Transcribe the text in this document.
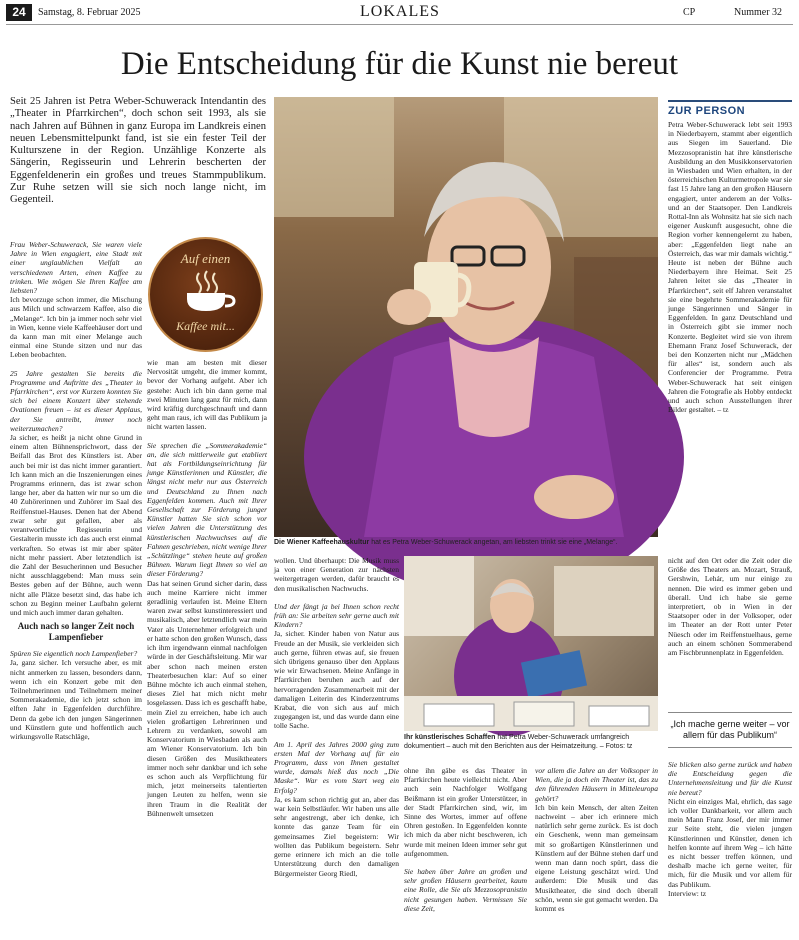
24	Samstag, 8. Februar 2025	LOKALES	CP	Nummer 32
Die Entscheidung für die Kunst nie bereut
Seit 25 Jahren ist Petra Weber-Schuwerack Intendantin des „Theater in Pfarrkirchen“, doch schon seit 1993, als sie nach Jahren auf Bühnen in ganz Europa im Landkreis einen neuen Lebensmittelpunkt fand, ist sie ein fester Teil der Kulturszene in der Region. Unzählige Konzerte als Sängerin, Regisseurin und Lehrerin bescherten der Eggenfeldenerin ein großes und treues Stammpublikum. Zur Ruhe setzen will sie sich noch lange nicht, im Gegenteil.
Auf einen
Kaffee mit...

Frau Weber-Schuwerack, Sie waren viele Jahre in Wien engagiert, eine Stadt mit einer unglaublichen Vielfalt an verschiedenen Arten, einen Kaffee zu trinken. Wie mögen Sie Ihren Kaffee am liebsten?

Ich bevorzuge schon immer, die Mischung aus Milch und schwarzem Kaffee, also die „Melange“. Ich bin ja immer noch sehr viel in Wien, kenne viele Kaffeehäuser dort und da kann man mit einer Melange auch einmal eine Stunde sitzen und nur das Leben beobachten.

25 Jahre gestalten Sie bereits die Programme und Auftritte des „Theater in Pfarrkirchen“, erst vor Kurzem konnten Sie sich bei einem Konzert über stehende Ovationen freuen – ist es dieser Applaus, der Sie antreibt, immer noch weiterzumachen?

Ja sicher, es heißt ja nicht ohne Grund in einem alten Bühnensprichwort, dass der Beifall das Brot des Künstlers ist. Aber auch bei mir ist das nicht immer garantiert. Ich kann mich an die Inszenierungen eines Programms erinnern, das ist zwar schon lange her, aber da hatten wir nur so um die 40 Zuhörerinnen und Zuhörer im Saal des Reiffenstuel-Hauses. Denen hat der Abend zwar sehr gut gefallen, aber als verantwortliche Regisseurin und Gestalterin musste ich das auch erst einmal verkraften. So etwas ist mir aber später nicht mehr passiert. Aber letztendlich ist die Zahl der Besucherinnen und Besucher nicht ausschlaggebend: Man muss sein Bestes geben auf der Bühne, auch wenn nicht alle Plätze besetzt sind, das habe ich schon zu Beginn meiner Laufbahn gelernt und mich auch immer daran gehalten.

Auch nach so langer Zeit noch Lampenfieber

Spüren Sie eigentlich noch Lampenfieber?

Ja, ganz sicher. Ich versuche aber, es mit nicht anmerken zu lassen, besonders dann, wenn ich ein Konzert gebe mit den Teilnehmerinnen und Teilnehmern meiner Sommerakademie, die ich jetzt schon im elften Jahr in Eggenfelden durchführe. Denn da gebe ich den jungen Sängerinnen und Künstlern gute und hoffentlich auch wirkungsvolle Ratschläge,

wie man am besten mit dieser Nervosität umgeht, die immer kommt, bevor der Vorhang aufgeht. Aber ich gestehe: Auch ich bin dann gerne mal zwei Minuten lang ganz für mich, dann wird kräftig durchgeschnauft und dann geht man raus, ich will das Publikum ja nicht warten lassen.

Sie sprechen die „Sommerakademie“ an, die sich mittlerweile gut etabliert hat als Fortbildungseinrichtung für junge Künstlerinnen und Künstler, die längst nicht mehr nur aus Österreich und Deutschland zu Ihnen nach Eggenfelden kommen. Auch mit Ihrer Gesellschaft zur Förderung junger Künstler hatten Sie sich schon vor vielen Jahren die Unterstützung des künstlerischen Nachwuchses auf die Fahnen geschrieben, nicht wenige Ihrer „Schützlinge“ stehen heute auf großen Bühnen. Warum liegt Ihnen so viel an dieser Förderung?

Das hat seinen Grund sicher darin, dass auch meine Karriere nicht immer geradlinig verlaufen ist. Meine Eltern waren zwar selbst kunstinteressiert und musikalisch, aber letztendlich war mein Vater als Unternehmer erfolgreich und er hatte schon den großen Wunsch, dass ich ihm irgendwann einmal nachfolgen würde in der Geschäftsleitung. Mir war aber schon nach meinen ersten Theaterbesuchen klar: Auf so einer Bühne möchte ich auch einmal stehen, dieses Ziel hat mich nicht mehr losgelassen. Dass ich es geschafft habe, mein Ziel zu erreichen, habe ich auch vielen großartigen Lehrerinnen und Lehrern zu verdanken, sowohl am Konservatorium in Wiesbaden als auch am Wiener Konservatorium. Ich bin diesen Größen des Musiktheaters immer noch sehr dankbar und ich sehe es schon auch als Verpflichtung für mich, jetzt meinerseits talentierten jungen Leuten zu helfen, wenn sie ihren Traum in die Realität der Bühnenwelt umsetzen

Die Wiener Kaffeehauskultur hat es Petra Weber-Schuwerack angetan, am liebsten trinkt sie eine „Melange“.

wollen. Und überhaupt: Die Musik muss ja von einer Generation zur nächsten weitergetragen werden, dafür braucht es den musikalischen Nachwuchs.

Und der fängt ja bei Ihnen schon recht früh an: Sie arbeiten sehr gerne auch mit Kindern?

Ja, sicher. Kinder haben von Natur aus Freude an der Musik, sie verkleiden sich auch gerne, führen etwas auf, sie freuen sich übrigens genauso über den Applaus wie wir Erwachsenen. Meine Anfänge in Pfarrkirchen beruhen auch auf der hervorragenden Zusammenarbeit mit der damaligen Leiterin des Kinderzentrums Krabat, die von sich aus auf mich zugegangen ist, und das wurde dann eine tolle Sache.

Am 1. April des Jahres 2000 ging zum ersten Mal der Vorhang auf für ein Programm, dass von Ihnen gestaltet wurde, damals hieß das noch „Die Maske“. War es vom Start weg ein Erfolg?

Ja, es kam schon richtig gut an, aber das war kein Selbstläufer. Wir haben uns alle sehr angestrengt, aber ich denke, ich konnte das ganze Team für ein gemeinsames Ziel begeistern: Wir wollten das Publikum begeistern. Sehr gerne erinnere ich mich an die tolle Unterstützung durch den damaligen Bürgermeister Georg Riedl,

Ihr künstlerisches Schaffen hat Petra Weber-Schuwerack umfangreich dokumentiert – auch mit den Berichten aus der Heimatzeitung. – Fotos: tz

ohne ihn gäbe es das Theater in Pfarrkirchen heute vielleicht nicht. Aber auch sein Nachfolger Wolfgang Beißmann ist ein großer Unterstützer, in der Stadt Pfarrkirchen sind, wir, im Sinne des Wortes, immer auf offene Ohren gestoßen. In Eggenfelden konnte ich mich da aber nicht beschweren, ich wurde mit meinen Ideen immer sehr gut aufgenommen.

Sie haben über Jahre an großen und sehr großen Häusern gearbeitet, kaum eine Rolle, die Sie als Mezzosopranistin nicht gesungen haben. Vermissen Sie diese Zeit,

vor allem die Jahre an der Volksoper in Wien, die ja doch ein Theater ist, das zu den führenden Häusern in Mitteleuropa gehört?

Ich bin kein Mensch, der alten Zeiten nachweint – aber ich erinnere mich natürlich sehr gerne zurück. Es ist doch ein Geschenk, wenn man gemeinsam mit so großartigen Künstlerinnen und Künstlern auf der Bühne stehen darf und wenn man dann noch spürt, dass die eigene Leistung geschätzt wird. Und außerdem: Die Musik und das Musiktheater, die sind doch überall schön, wenn sie gut gemacht werden. Da kommt es

ZUR PERSON
Petra Weber-Schuwerack lebt seit 1993 in Niederbayern, stammt aber eigentlich aus Siegen im Sauerland. Die Mezzosopranistin hat ihre künstlerische Ausbildung an den Musikkonservatorien in Wiesbaden und Wien erhalten, in der österreichischen Kulturmetropole war sie fast 15 Jahre lang an den großen Häusern engagiert, unter anderem an der Volks- und an der Staatsoper. Den Landkreis Rottal-Inn als Wohnsitz hat sie sich nach eigener Auskunft ausgesucht, ohne die Region vorher kennengelernt zu haben, aber: „Eggenfelden liegt nahe an Österreich, das war mir damals wichtig.“ Heute ist neben der Bühne auch Niederbayern ihre Heimat. Seit 25 Jahren leitet sie das „Theater in Pfarrkirchen“, seit elf Jahren veranstaltet sie eine begehrte Sommerakademie für junge Sängerinnen und Sänger in Eggenfelden. In ganz Deutschland und in Österreich gibt sie immer noch Konzerte. Begleitet wird sie von ihrem Ehemann Franz Josef Schuwerack, der bei den Konzerten nicht nur „Mädchen für alles“ ist, sondern auch als Conferencier der Programme. Petra Weber-Schuwerack hat seit einigen Jahren die Fotografie als Hobby entdeckt und auch schon Ausstellungen ihrer Bilder gestaltet. – tz

nicht auf den Ort oder die Zeit oder die Größe des Theaters an. Mozart, Strauß, Gershwin, Lehár, um nur einige zu nennen. Die wird es immer geben und überall. Und ich habe sie gerne interpretiert, ob in Wien in der Staatsoper oder in der Volksoper, oder im Theater an der Rott unter Peter Nüesch oder im Reiffenstuelhaus, gerne auch an einem schönen Sommerabend am Fischbrunnenplatz in Eggenfelden.

„Ich mache gerne weiter – vor allem für das Publikum“

Sie blicken also gerne zurück und haben die Entscheidung gegen die Unternehmensleitung und für die Kunst nie bereut?

Nicht ein einziges Mal, ehrlich, das sage ich voller Dankbarkeit, vor allem auch mein Mann Franz Josef, der mir immer zur Seite steht, die vielen jungen Künstlerinnen und Künstler, denen ich helfen konnte auf ihrem Weg – ich hätte es nicht besser treffen können, und deshalb mache ich gerne weiter, für mich, für die Musik und vor allem für das Publikum.

Interview: tz
